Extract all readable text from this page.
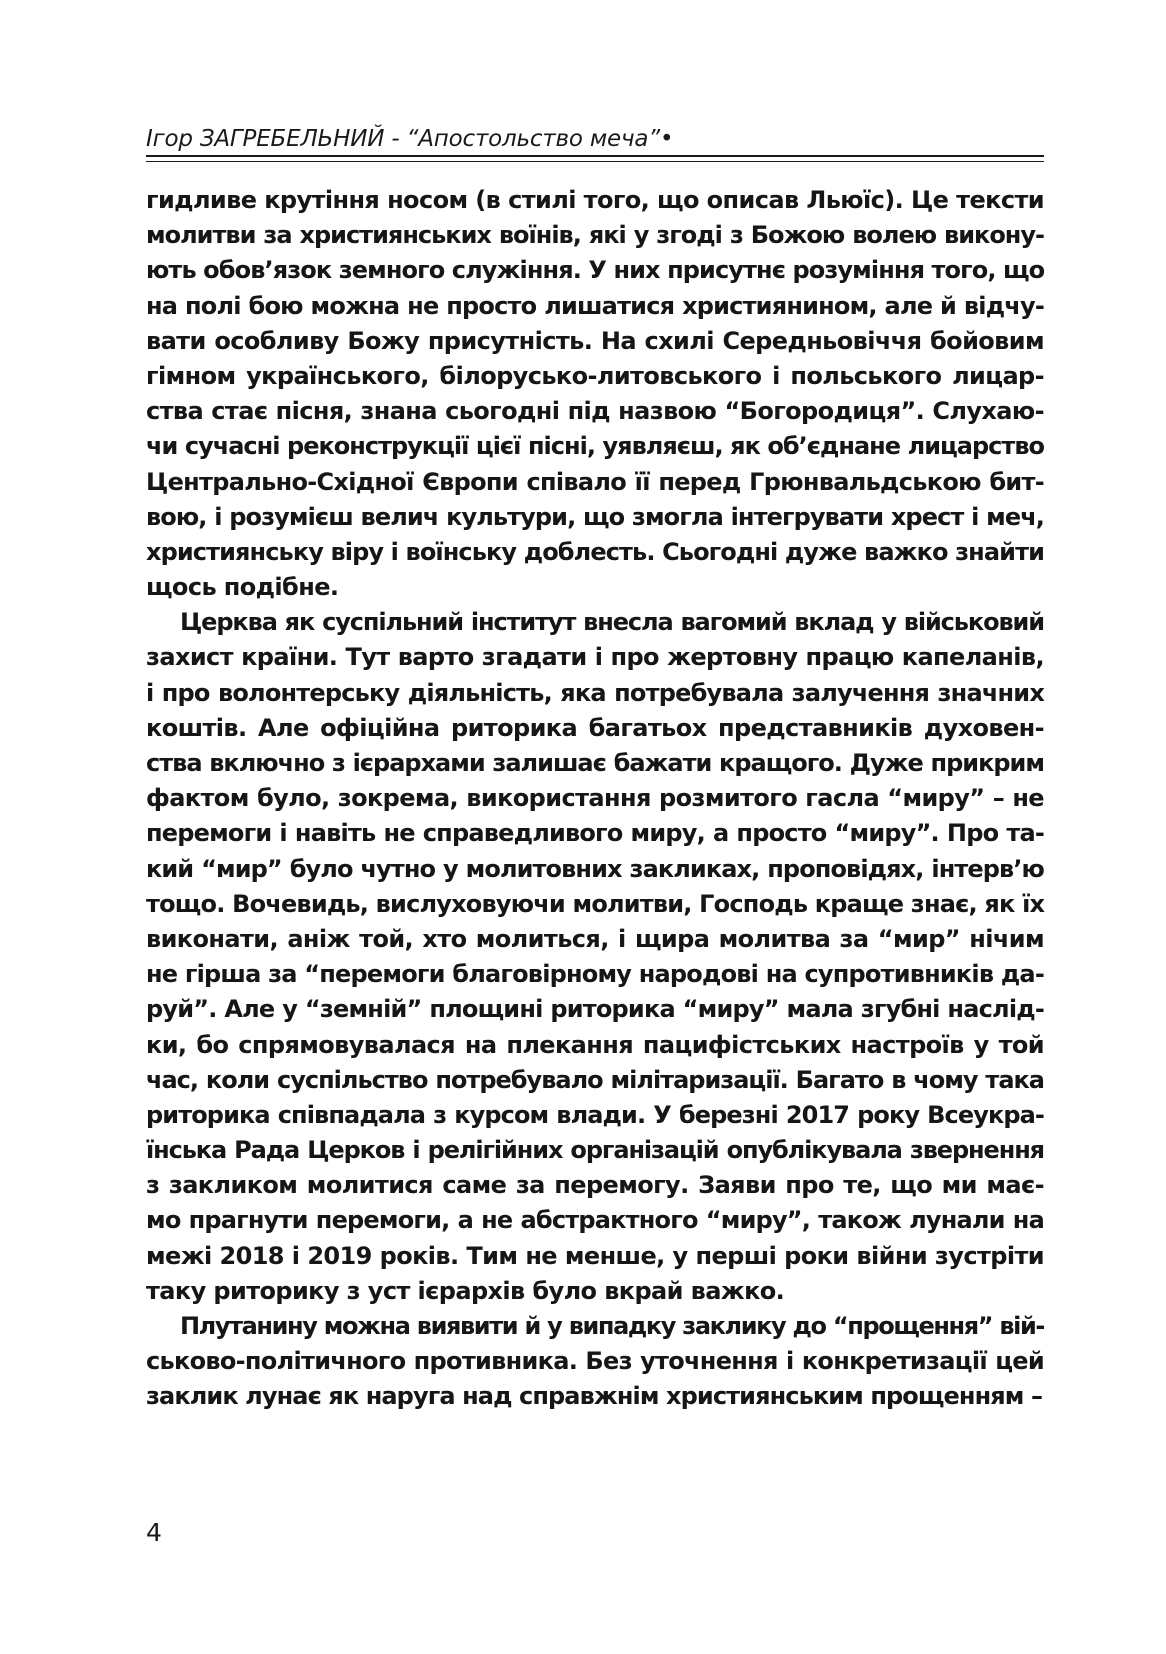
Ігор ЗАГРЕБЕЛЬНИЙ - “Апостольство меча”•
гидливе крутіння носом (в стилі того, що описав Льюїс). Це тексти
молитви за християнських воїнів, які у згоді з Божою волею викону-
ють обов’язок земного служіння. У них присутнє розуміння того, що
на полі бою можна не просто лишатися християнином, але й відчу-
вати особливу Божу присутність. На схилі Середньовіччя бойовим
гімном українського, білорусько-литовського і польського лицар-
ства стає пісня, знана сьогодні під назвою “Богородиця”. Слухаю-
чи сучасні реконструкції цієї пісні, уявляєш, як об’єднане лицарство
Центрально-Східної Європи співало її перед Грюнвальдською бит-
вою, і розумієш велич культури, що змогла інтегрувати хрест і меч,
християнську віру і воїнську доблесть. Сьогодні дуже важко знайти
щось подібне.
Церква як суспільний інститут внесла вагомий вклад у військовий
захист країни. Тут варто згадати і про жертовну працю капеланів,
і про волонтерську діяльність, яка потребувала залучення значних
коштів. Але офіційна риторика багатьох представників духовен-
ства включно з ієрархами залишає бажати кращого. Дуже прикрим
фактом було, зокрема, використання розмитого гасла “миру” – не
перемоги і навіть не справедливого миру, а просто “миру”. Про та-
кий “мир” було чутно у молитовних закликах, проповідях, інтерв’ю
тощо. Вочевидь, вислуховуючи молитви, Господь краще знає, як їх
виконати, аніж той, хто молиться, і щира молитва за “мир” нічим
не гірша за “перемоги благовірному народові на супротивників да-
руй”. Але у “земній” площині риторика “миру” мала згубні наслід-
ки, бо спрямовувалася на плекання пацифістських настроїв у той
час, коли суспільство потребувало мілітаризації. Багато в чому така
риторика співпадала з курсом влади. У березні 2017 року Всеукра-
їнська Рада Церков і релігійних організацій опублікувала звернення
з закликом молитися саме за перемогу. Заяви про те, що ми має-
мо прагнути перемоги, а не абстрактного “миру”, також лунали на
межі 2018 і 2019 років. Тим не менше, у перші роки війни зустріти
таку риторику з уст ієрархів було вкрай важко.
Плутанину можна виявити й у випадку заклику до “прощення” вій-
ськово-політичного противника. Без уточнення і конкретизації цей
заклик лунає як наруга над справжнім християнським прощенням –
4
